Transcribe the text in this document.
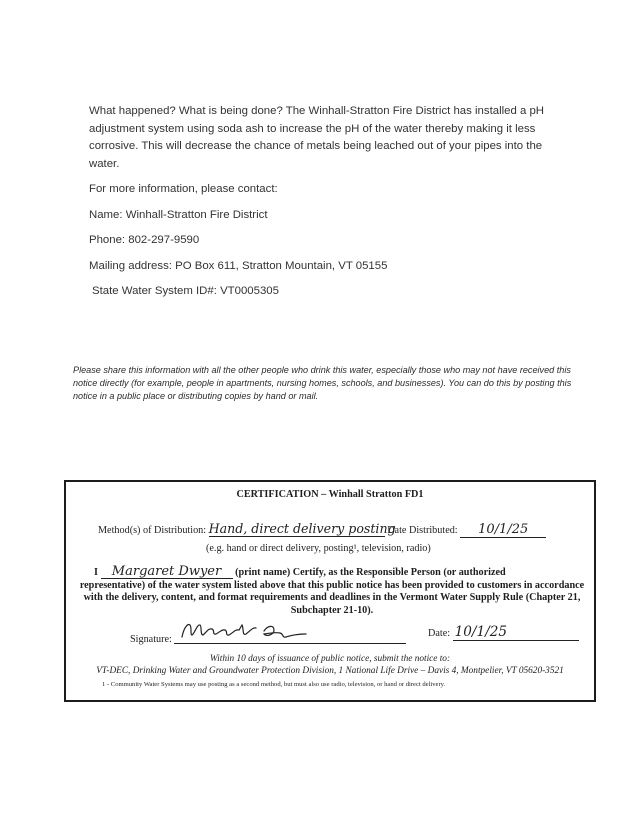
What happened? What is being done? The Winhall-Stratton Fire District has installed a pH adjustment system using soda ash to increase the pH of the water thereby making it less corrosive. This will decrease the chance of metals being leached out of your pipes into the water.

For more information, please contact:

Name: Winhall-Stratton Fire District

Phone: 802-297-9590

Mailing address: PO Box 611, Stratton Mountain, VT 05155

State Water System ID#: VT0005305

Please share this information with all the other people who drink this water, especially those who may not have received this notice directly (for example, people in apartments, nursing homes, schools, and businesses). You can do this by posting this notice in a public place or distributing copies by hand or mail.

CERTIFICATION – Winhall Stratton FD1
Method(s) of Distribution: Hand, direct delivery posting Date Distributed: 10/1/25
(e.g. hand or direct delivery, posting¹, television, radio)
I Margaret Dwyer (print name) Certify, as the Responsible Person (or authorized
representative) of the water system listed above that this public notice has been provided to customers in accordance with the delivery, content, and format requirements and deadlines in the Vermont Water Supply Rule (Chapter 21, Subchapter 21-10).
Signature:
Date: 10/1/25
Within 10 days of issuance of public notice, submit the notice to:
VT-DEC, Drinking Water and Groundwater Protection Division, 1 National Life Drive – Davis 4, Montpelier, VT 05620-3521
1 - Community Water Systems may use posting as a second method, but must also use radio, television, or hand or direct delivery.
